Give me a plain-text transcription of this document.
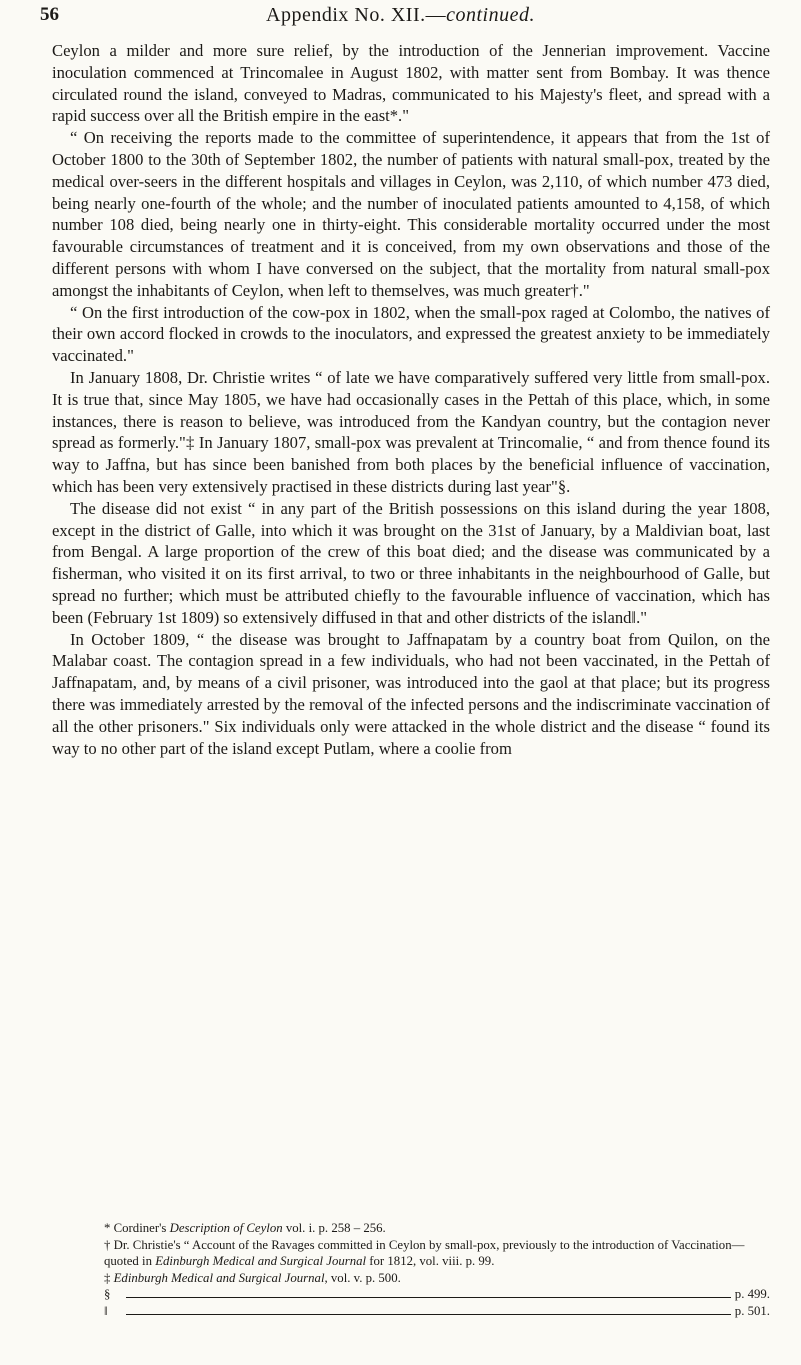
56	Appendix No. XII.—continued.

Ceylon a milder and more sure relief, by the introduction of the Jennerian improvement. Vaccine inoculation commenced at Trincomalee in August 1802, with matter sent from Bombay. It was thence circulated round the island, conveyed to Madras, communicated to his Majesty's fleet, and spread with a rapid success over all the British empire in the east*."

“ On receiving the reports made to the committee of superintendence, it appears that from the 1st of October 1800 to the 30th of September 1802, the number of patients with natural small-pox, treated by the medical over-seers in the different hospitals and villages in Ceylon, was 2,110, of which number 473 died, being nearly one-fourth of the whole; and the number of inoculated patients amounted to 4,158, of which number 108 died, being nearly one in thirty-eight. This considerable mortality occurred under the most favourable circumstances of treatment and it is conceived, from my own observations and those of the different persons with whom I have conversed on the subject, that the mortality from natural small-pox amongst the inhabitants of Ceylon, when left to themselves, was much greater†."

“ On the first introduction of the cow-pox in 1802, when the small-pox raged at Colombo, the natives of their own accord flocked in crowds to the inoculators, and expressed the greatest anxiety to be immediately vaccinated."

In January 1808, Dr. Christie writes “ of late we have comparatively suffered very little from small-pox. It is true that, since May 1805, we have had occasionally cases in the Pettah of this place, which, in some instances, there is reason to believe, was introduced from the Kandyan country, but the contagion never spread as formerly."‡ In January 1807, small-pox was prevalent at Trincomalie, “ and from thence found its way to Jaffna, but has since been banished from both places by the beneficial influence of vaccination, which has been very extensively practised in these districts during last year"§.

The disease did not exist “ in any part of the British possessions on this island during the year 1808, except in the district of Galle, into which it was brought on the 31st of January, by a Maldivian boat, last from Bengal. A large proportion of the crew of this boat died; and the disease was communicated by a fisherman, who visited it on its first arrival, to two or three inhabitants in the neighbourhood of Galle, but spread no further; which must be attributed chiefly to the favourable influence of vaccination, which has been (February 1st 1809) so extensively diffused in that and other districts of the island‖."

In October 1809, “ the disease was brought to Jaffnapatam by a country boat from Quilon, on the Malabar coast. The contagion spread in a few individuals, who had not been vaccinated, in the Pettah of Jaffnapatam, and, by means of a civil prisoner, was introduced into the gaol at that place; but its progress there was immediately arrested by the removal of the infected persons and the indiscriminate vaccination of all the other prisoners." Six individuals only were attacked in the whole district and the disease “ found its way to no other part of the island except Putlam, where a coolie from

* Cordiner's Description of Ceylon vol. i. p. 258 – 256.

† Dr. Christie's “ Account of the Ravages committed in Ceylon by small-pox, previously to the introduction of Vaccination—quoted in Edinburgh Medical and Surgical Journal for 1812, vol. viii. p. 99.

‡ Edinburgh Medical and Surgical Journal, vol. v. p. 500.

§	p. 499.
‖	p. 501.
